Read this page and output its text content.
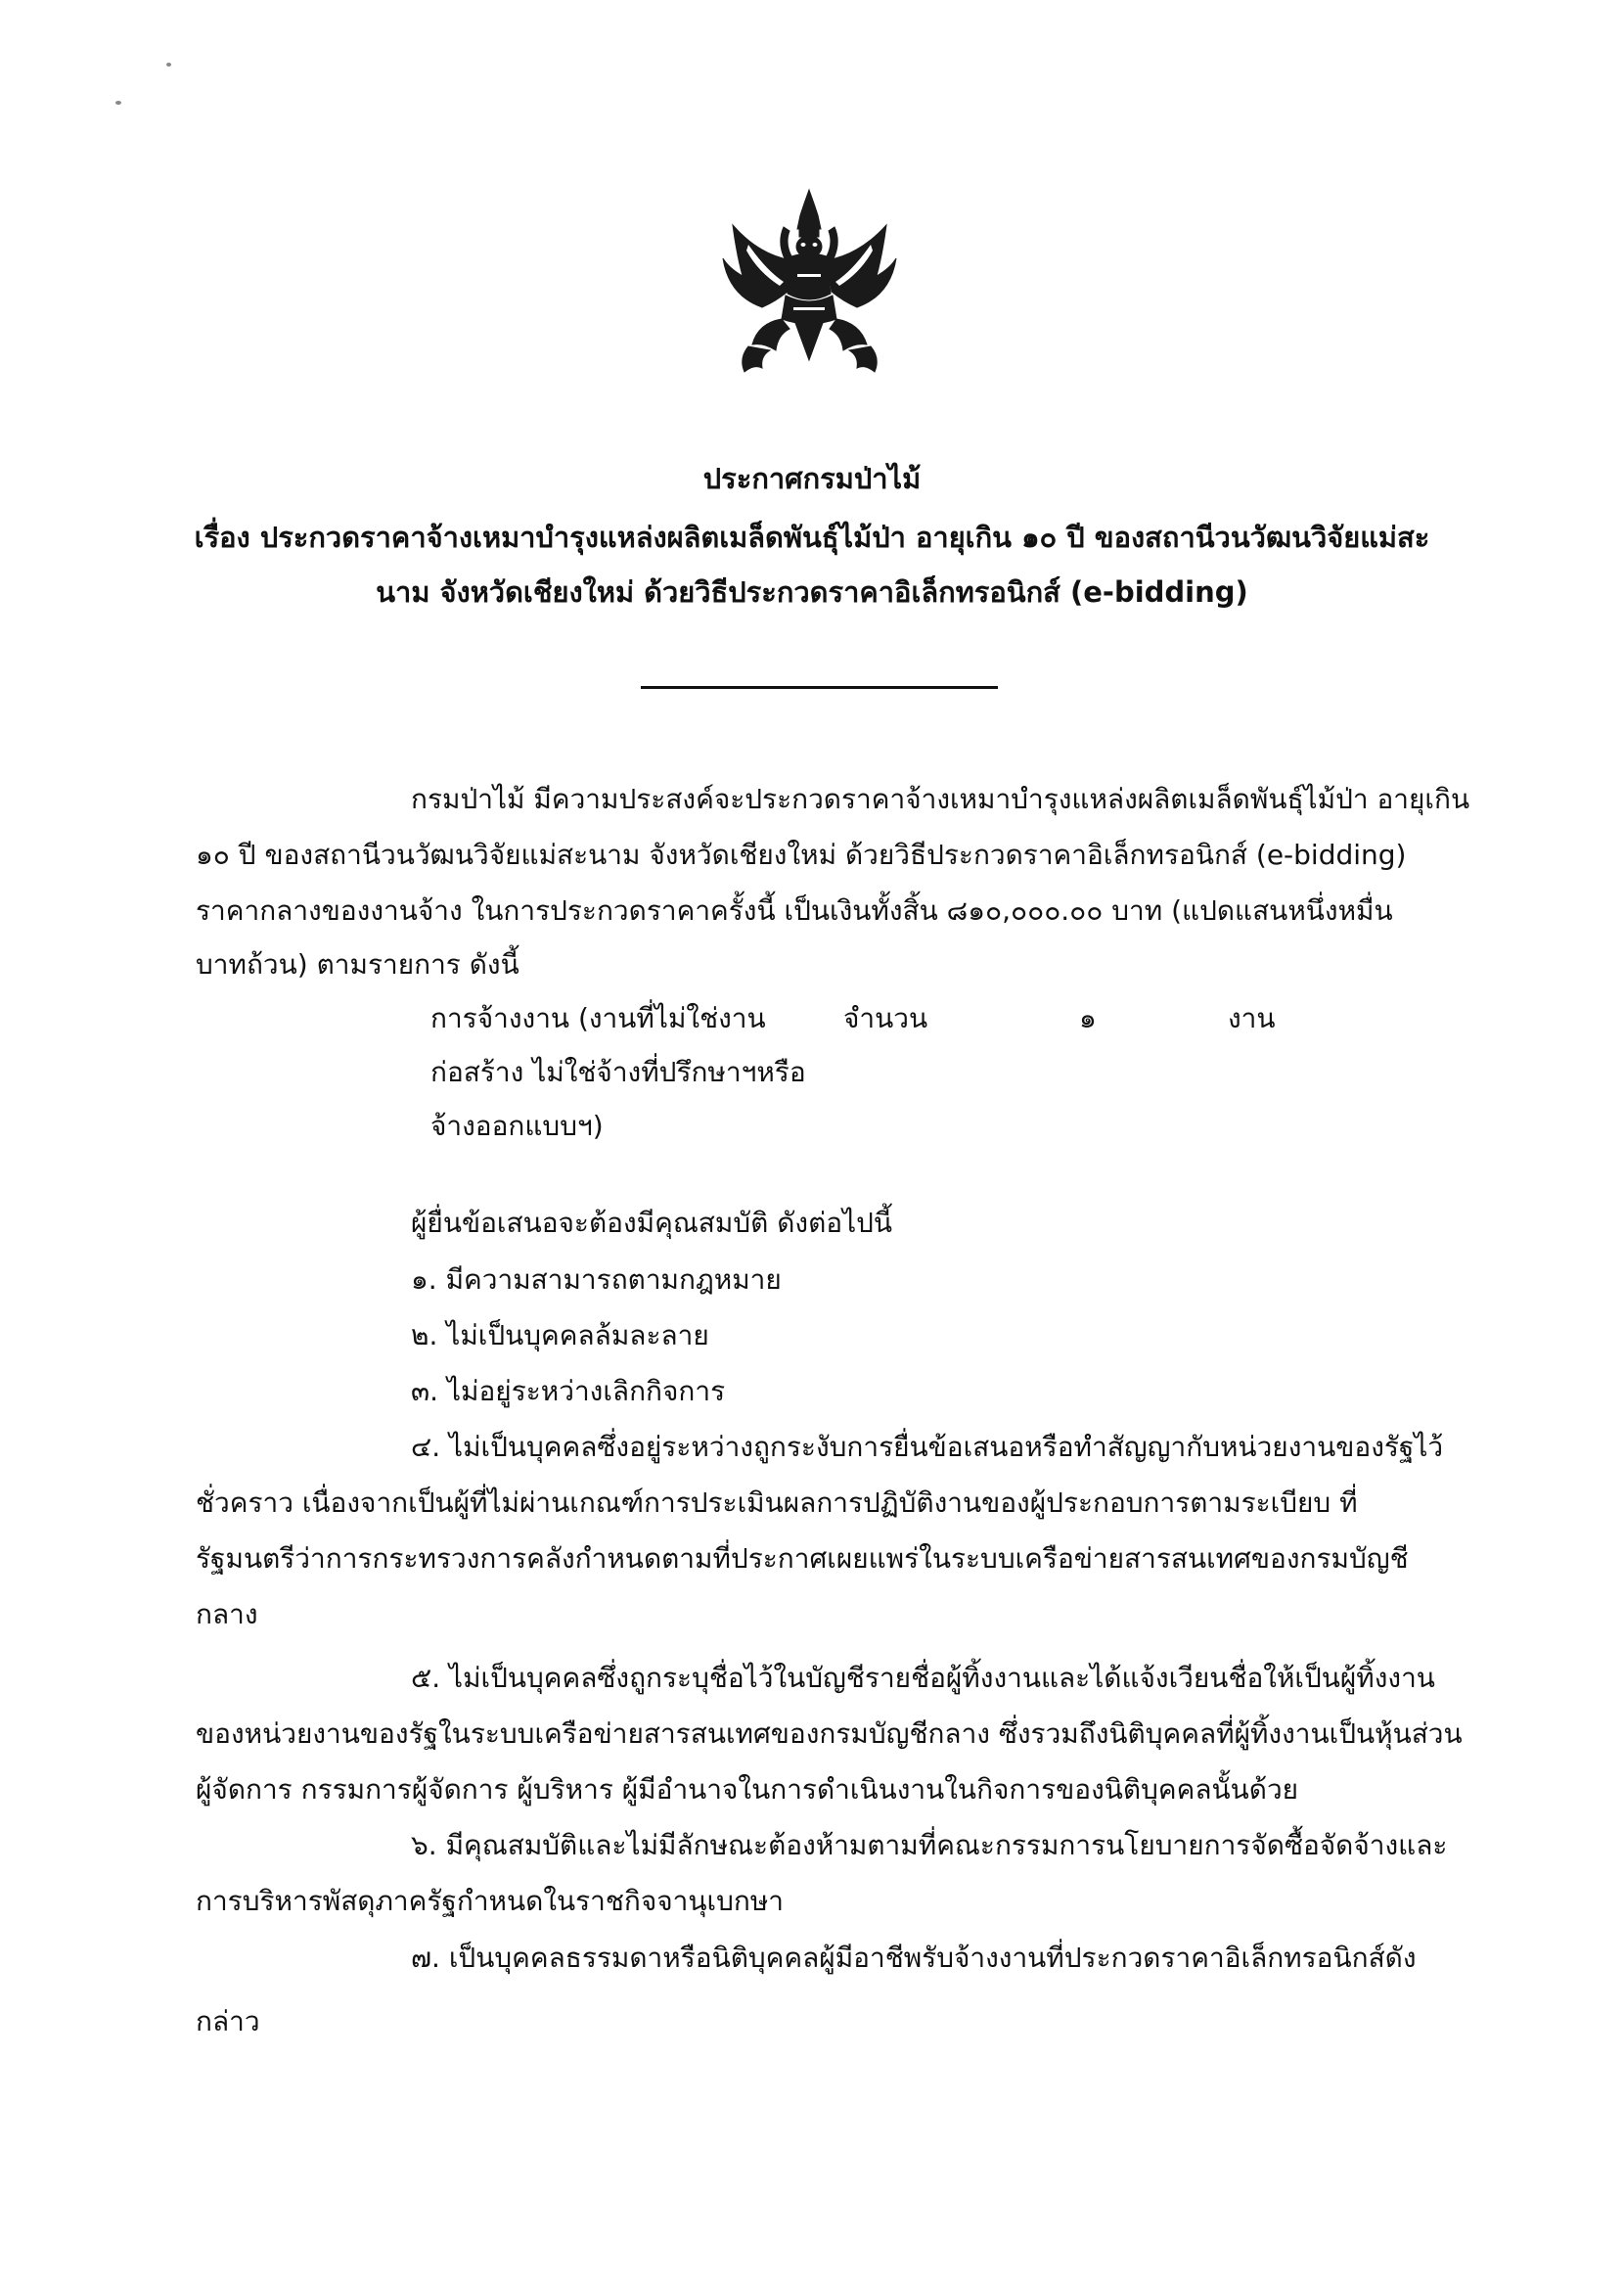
ประกาศกรมป่าไม้
เรื่อง ประกวดราคาจ้างเหมาบำรุงแหล่งผลิตเมล็ดพันธุ์ไม้ป่า อายุเกิน ๑๐ ปี ของสถานีวนวัฒนวิจัยแม่สะ
นาม จังหวัดเชียงใหม่ ด้วยวิธีประกวดราคาอิเล็กทรอนิกส์ (e-bidding)
กรมป่าไม้ มีความประสงค์จะประกวดราคาจ้างเหมาบำรุงแหล่งผลิตเมล็ดพันธุ์ไม้ป่า อายุเกิน
๑๐ ปี ของสถานีวนวัฒนวิจัยแม่สะนาม จังหวัดเชียงใหม่ ด้วยวิธีประกวดราคาอิเล็กทรอนิกส์ (e-bidding)
ราคากลางของงานจ้าง ในการประกวดราคาครั้งนี้ เป็นเงินทั้งสิ้น ๘๑๐,๐๐๐.๐๐ บาท (แปดแสนหนึ่งหมื่น
บาทถ้วน) ตามรายการ ดังนี้
การจ้างงาน (งานที่ไม่ใช่งาน
ก่อสร้าง ไม่ใช่จ้างที่ปรึกษาฯหรือ
จ้างออกแบบฯ)
จำนวน	๑	งาน
ผู้ยื่นข้อเสนอจะต้องมีคุณสมบัติ ดังต่อไปนี้
๑. มีความสามารถตามกฎหมาย
๒. ไม่เป็นบุคคลล้มละลาย
๓. ไม่อยู่ระหว่างเลิกกิจการ
๔. ไม่เป็นบุคคลซึ่งอยู่ระหว่างถูกระงับการยื่นข้อเสนอหรือทำสัญญากับหน่วยงานของรัฐไว้
ชั่วคราว เนื่องจากเป็นผู้ที่ไม่ผ่านเกณฑ์การประเมินผลการปฏิบัติงานของผู้ประกอบการตามระเบียบ ที่
รัฐมนตรีว่าการกระทรวงการคลังกำหนดตามที่ประกาศเผยแพร่ในระบบเครือข่ายสารสนเทศของกรมบัญชี
กลาง
๕. ไม่เป็นบุคคลซึ่งถูกระบุชื่อไว้ในบัญชีรายชื่อผู้ทิ้งงานและได้แจ้งเวียนชื่อให้เป็นผู้ทิ้งงาน
ของหน่วยงานของรัฐในระบบเครือข่ายสารสนเทศของกรมบัญชีกลาง ซึ่งรวมถึงนิติบุคคลที่ผู้ทิ้งงานเป็นหุ้นส่วน
ผู้จัดการ กรรมการผู้จัดการ ผู้บริหาร ผู้มีอำนาจในการดำเนินงานในกิจการของนิติบุคคลนั้นด้วย
๖. มีคุณสมบัติและไม่มีลักษณะต้องห้ามตามที่คณะกรรมการนโยบายการจัดซื้อจัดจ้างและ
การบริหารพัสดุภาครัฐกำหนดในราชกิจจานุเบกษา
๗. เป็นบุคคลธรรมดาหรือนิติบุคคลผู้มีอาชีพรับจ้างงานที่ประกวดราคาอิเล็กทรอนิกส์ดัง
กล่าว
